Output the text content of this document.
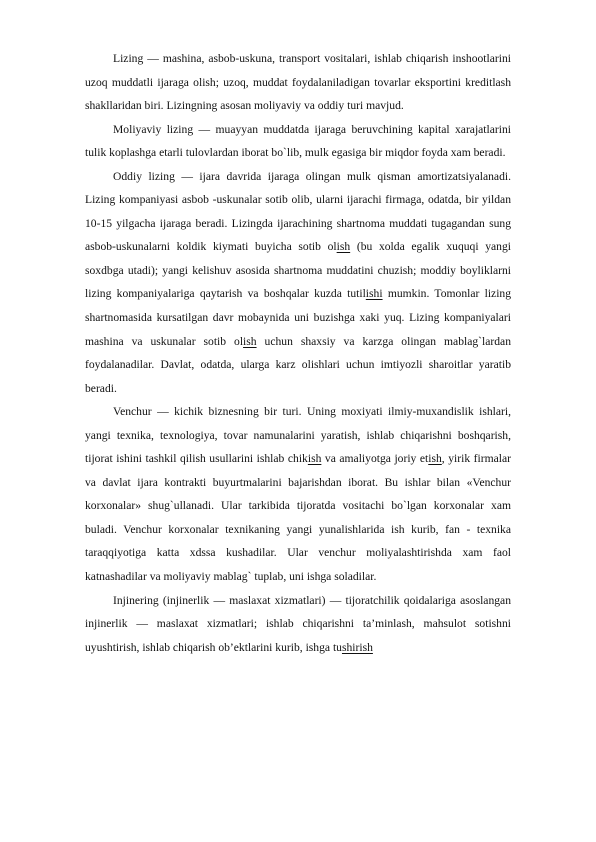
Lizing — mashina, asbob-uskuna, transport vositalari, ishlab chiqarish inshootlarini uzoq muddatli ijaraga olish; uzoq, muddat foydalaniladigan tovarlar eksportini kreditlash shakllaridan biri. Lizingning asosan moliyaviy va oddiy turi mavjud.

Moliyaviy lizing — muayyan muddatda ijaraga beruvchining kapital xarajatlarini tulik koplashga etarli tulovlardan iborat bo`lib, mulk egasiga bir miqdor foyda xam beradi.

Oddiy lizing — ijara davrida ijaraga olingan mulk qisman amortizatsiyalanadi. Lizing kompaniyasi asbob -uskunalar sotib olib, ularni ijarachi firmaga, odatda, bir yildan 10-15 yilgacha ijaraga beradi. Lizingda ijarachining shartnoma muddati tugagandan sung asbob-uskunalarni koldik kiymati buyicha sotib olish (bu xolda egalik xuquqi yangi soxdbga utadi); yangi kelishuv asosida shartnoma muddatini chuzish; moddiy boyliklarni lizing kompaniyalariga qaytarish va boshqalar kuzda tutilishi mumkin. Tomonlar lizing shartnomasida kursatilgan davr mobaynida uni buzishga xaki yuq. Lizing kompaniyalari mashina va uskunalar sotib olish uchun shaxsiy va karzga olingan mablag`lardan foydalanadilar. Davlat, odatda, ularga karz olishlari uchun imtiyozli sharoitlar yaratib beradi.

Venchur — kichik biznesning bir turi. Uning moxiyati ilmiy-muxandislik ishlari, yangi texnika, texnologiya, tovar namunalarini yaratish, ishlab chiqarishni boshqarish, tijorat ishini tashkil qilish usullarini ishlab chikish va amaliyotga joriy etish, yirik firmalar va davlat ijara kontrakti buyurtmalarini bajarishdan iborat. Bu ishlar bilan «Venchur korxonalar» shug`ullanadi. Ular tarkibida tijoratda vositachi bo`lgan korxonalar xam buladi. Venchur korxonalar texnikaning yangi yunalishlarida ish kurib, fan - texnika taraqqiyotiga katta xdssa kushadilar. Ular venchur moliyalashtirishda xam faol katnashadilar va moliyaviy mablag` tuplab, uni ishga soladilar.

Injinering (injinerlik — maslaxat xizmatlari) — tijoratchilik qoidalariga asoslangan injinerlik — maslaxat xizmatlari; ishlab chiqarishni ta’minlash, mahsulot sotishni uyushtirish, ishlab chiqarish ob’ektlarini kurib, ishga tushirish
